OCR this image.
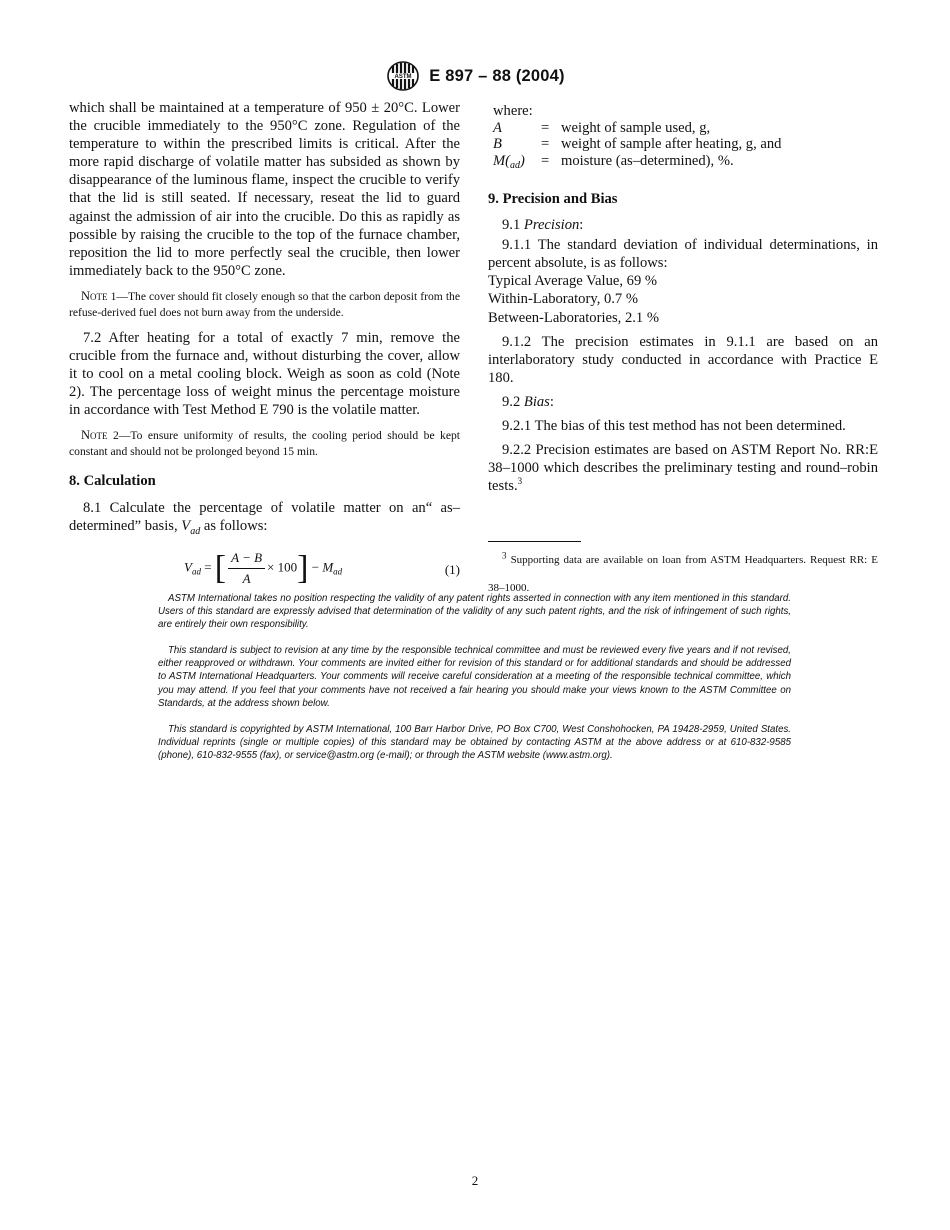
ASTM E 897 – 88 (2004)

which shall be maintained at a temperature of 950 ± 20°C. Lower the crucible immediately to the 950°C zone. Regulation of the temperature to within the prescribed limits is critical. After the more rapid discharge of volatile matter has subsided as shown by disappearance of the luminous flame, inspect the crucible to verify that the lid is still seated. If necessary, reseat the lid to guard against the admission of air into the crucible. Do this as rapidly as possible by raising the crucible to the top of the furnace chamber, reposition the lid to more perfectly seal the crucible, then lower immediately back to the 950°C zone.

Note 1—The cover should fit closely enough so that the carbon deposit from the refuse-derived fuel does not burn away from the underside.

7.2 After heating for a total of exactly 7 min, remove the crucible from the furnace and, without disturbing the cover, allow it to cool on a metal cooling block. Weigh as soon as cold (Note 2). The percentage loss of weight minus the percentage moisture in accordance with Test Method E 790 is the volatile matter.

Note 2—To ensure uniformity of results, the cooling period should be kept constant and should not be prolonged beyond 15 min.

8. Calculation

8.1 Calculate the percentage of volatile matter on an“ as–determined” basis, $V_{ad}$ as follows:

$V_{ad}$ = [ $\frac{A - B}{A} \times 100] - M_{ad}$	(1)
where:
A	= weight of sample used, g,
B	= weight of sample after heating, g, and
$M(_{ad})$	= moisture (as–determined), %.

9. Precision and Bias

9.1 Precision:

9.1.1 The standard deviation of individual determinations, in percent absolute, is as follows:

Typical Average Value, 69 %

Within-Laboratory, 0.7 %

Between-Laboratories, 2.1 %

9.1.2 The precision estimates in 9.1.1 are based on an interlaboratory study conducted in accordance with Practice E 180.

9.2 Bias:

9.2.1 The bias of this test method has not been determined.

9.2.2 Precision estimates are based on ASTM Report No. RR:E 38–1000 which describes the preliminary testing and round–robin tests.$^3$

$^3$ Supporting data are available on loan from ASTM Headquarters. Request RR: E 38–1000.

ASTM International takes no position respecting the validity of any patent rights asserted in connection with any item mentioned in this standard. Users of this standard are expressly advised that determination of the validity of any such patent rights, and the risk of infringement of such rights, are entirely their own responsibility.

This standard is subject to revision at any time by the responsible technical committee and must be reviewed every five years and if not revised, either reapproved or withdrawn. Your comments are invited either for revision of this standard or for additional standards and should be addressed to ASTM International Headquarters. Your comments will receive careful consideration at a meeting of the responsible technical committee, which you may attend. If you feel that your comments have not received a fair hearing you should make your views known to the ASTM Committee on Standards, at the address shown below.

This standard is copyrighted by ASTM International, 100 Barr Harbor Drive, PO Box C700, West Conshohocken, PA 19428-2959, United States. Individual reprints (single or multiple copies) of this standard may be obtained by contacting ASTM at the above address or at 610-832-9585 (phone), 610-832-9555 (fax), or service@astm.org (e-mail); or through the ASTM website (www.astm.org).

2
